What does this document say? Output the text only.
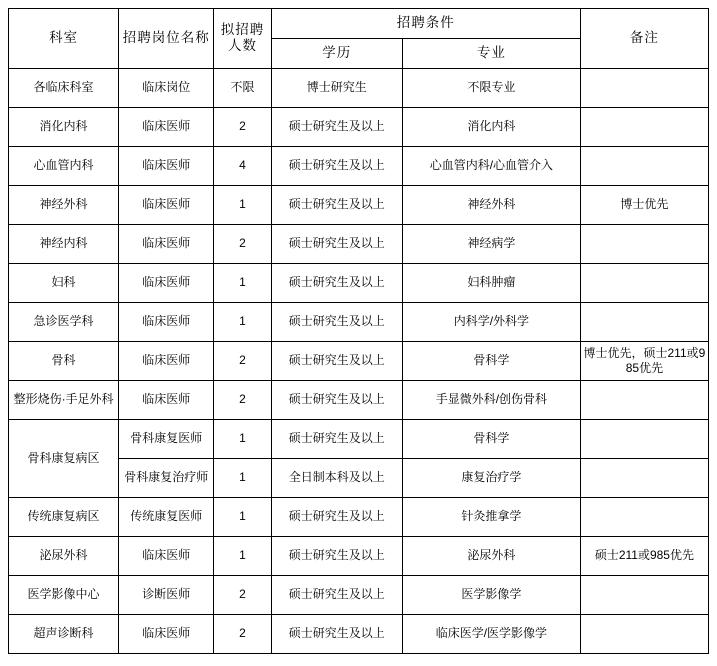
科室	招聘岗位名称	拟招聘人数	招聘条件		备注
			学历	专业	
各临床科室	临床岗位	不限	博士研究生	不限专业	
消化内科	临床医师	2	硕士研究生及以上	消化内科	
心血管内科	临床医师	4	硕士研究生及以上	心血管内科/心血管介入	
神经外科	临床医师	1	硕士研究生及以上	神经外科	博士优先
神经内科	临床医师	2	硕士研究生及以上	神经病学	
妇科	临床医师	1	硕士研究生及以上	妇科肿瘤	
急诊医学科	临床医师	1	硕士研究生及以上	内科学/外科学	
骨科	临床医师	2	硕士研究生及以上	骨科学	博士优先，硕士211或985优先
整形烧伤·手足外科	临床医师	2	硕士研究生及以上	手显微外科/创伤骨科	
骨科康复病区	骨科康复医师	1	硕士研究生及以上	骨科学	
	骨科康复治疗师	1	全日制本科及以上	康复治疗学	
传统康复病区	传统康复医师	1	硕士研究生及以上	针灸推拿学	
泌尿外科	临床医师	1	硕士研究生及以上	泌尿外科	硕士211或985优先
医学影像中心	诊断医师	2	硕士研究生及以上	医学影像学	
超声诊断科	临床医师	2	硕士研究生及以上	临床医学/医学影像学	
